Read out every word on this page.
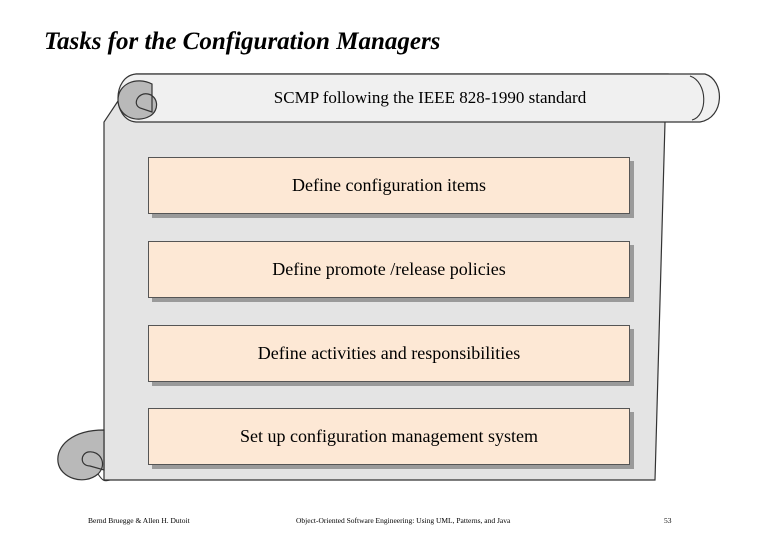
Tasks for the Configuration Managers
SCMP following the IEEE 828-1990 standard
Define configuration items
Define promote /release policies
Define activities and responsibilities
Set up configuration management system
Bernd Bruegge & Allen H. Dutoit	Object-Oriented Software Engineering: Using UML, Patterns, and Java	53
